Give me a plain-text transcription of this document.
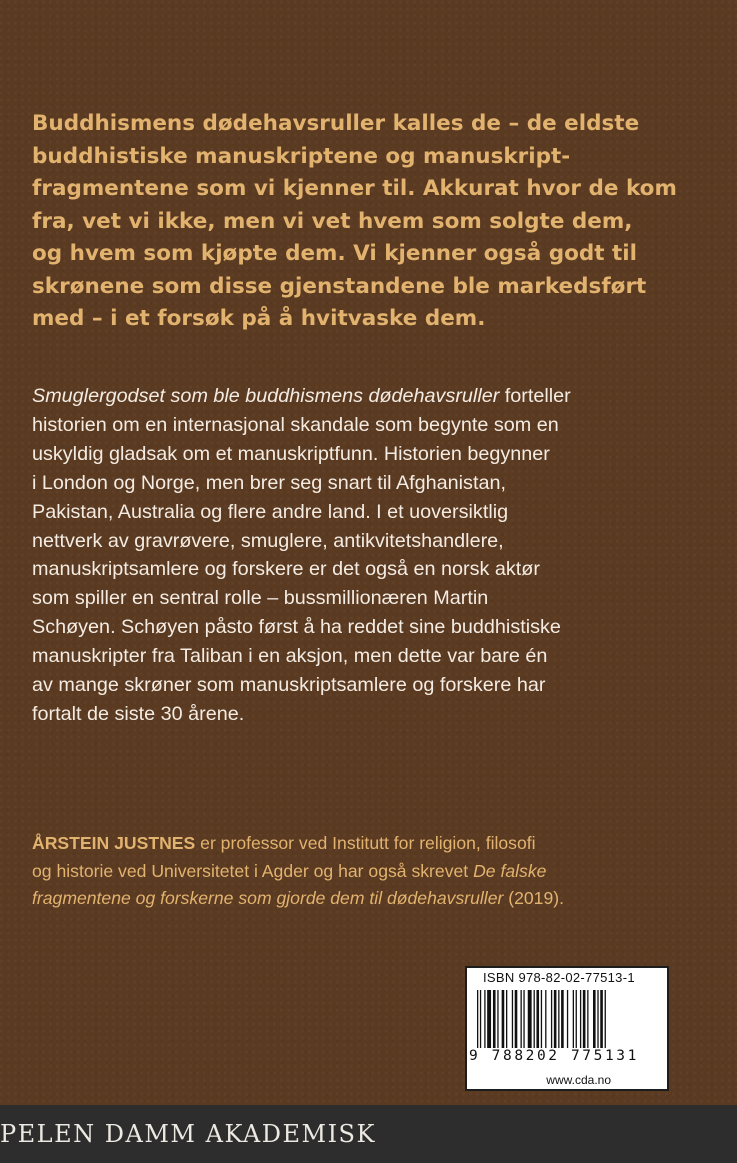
Buddhismens dødehavsruller kalles de – de eldste
buddhistiske manuskriptene og manuskript-
fragmentene som vi kjenner til. Akkurat hvor de kom
fra, vet vi ikke, men vi vet hvem som solgte dem,
og hvem som kjøpte dem. Vi kjenner også godt til
skrønene som disse gjenstandene ble markedsført
med – i et forsøk på å hvitvaske dem.

Smuglergodset som ble buddhismens dødehavsruller forteller
historien om en internasjonal skandale som begynte som en
uskyldig gladsak om et manuskriptfunn. Historien begynner
i London og Norge, men brer seg snart til Afghanistan,
Pakistan, Australia og flere andre land. I et uoversiktlig
nettverk av gravrøvere, smuglere, antikvitetshandlere,
manuskriptsamlere og forskere er det også en norsk aktør
som spiller en sentral rolle – bussmillionæren Martin
Schøyen. Schøyen påsto først å ha reddet sine buddhistiske
manuskripter fra Taliban i en aksjon, men dette var bare én
av mange skrøner som manuskriptsamlere og forskere har
fortalt de siste 30 årene.

ÅRSTEIN JUSTNES er professor ved Institutt for religion, filosofi
og historie ved Universitetet i Agder og har også skrevet De falske
fragmentene og forskerne som gjorde dem til dødehavsruller (2019).

ISBN 978-82-02-77513-1
9 788202 775131
www.cda.no
PELEN DAMM AKADEMISK
